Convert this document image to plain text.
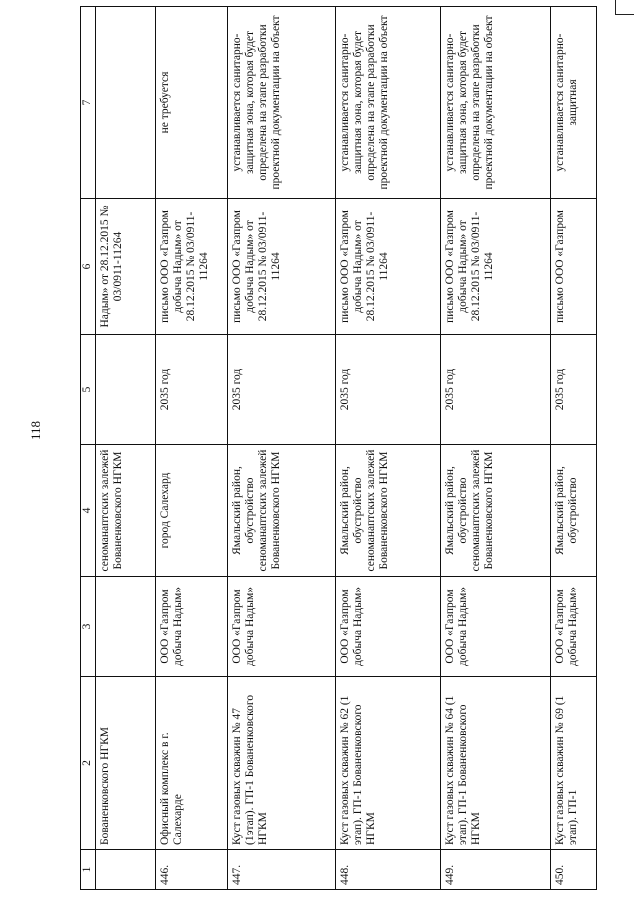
118
1	2	3	4	5	6	7
	Бованенковского НГКМ		сеноманаптских залежей Бованенковского НГКМ		Надым» от 28.12.2015 № 03/0911-11264	
446.	Офисный комплекс в г. Салехарде	ООО «Газпром добыча Надым»	город Салехард	2035 год	письмо ООО «Газпром добыча Надым» от 28.12.2015 № 03/0911-11264	не требуется
447.	Куст газовых скважин № 47 (1этап). ГП-1 Бованенковского НГКМ	ООО «Газпром добыча Надым»	Ямальский район, обустройство сеноманаптских залежей Бованенковского НГКМ	2035 год	письмо ООО «Газпром добыча Надым» от 28.12.2015 № 03/0911-11264	устанавливается санитарно-защитная зона, которая будет определена на этапе разработки проектной документации на объект
448.	Куст газовых скважин № 62 (1 этап). ГП-1 Бованенковского НГКМ	ООО «Газпром добыча Надым»	Ямальский район, обустройство сеноманаптских залежей Бованенковского НГКМ	2035 год	письмо ООО «Газпром добыча Надым» от 28.12.2015 № 03/0911-11264	устанавливается санитарно-защитная зона, которая будет определена на этапе разработки проектной документации на объект
449.	Куст газовых скважин № 64 (1 этап). ГП-1 Бованенковского НГКМ	ООО «Газпром добыча Надым»	Ямальский район, обустройство сеноманаптских залежей Бованенковского НГКМ	2035 год	письмо ООО «Газпром добыча Надым» от 28.12.2015 № 03/0911-11264	устанавливается санитарно-защитная зона, которая будет определена на этапе разработки проектной документации на объект
450.	Куст газовых скважин № 69 (1 этап). ГП-1	ООО «Газпром добыча Надым»	Ямальский район, обустройство	2035 год	письмо ООО «Газпром	устанавливается санитарно-защитная
